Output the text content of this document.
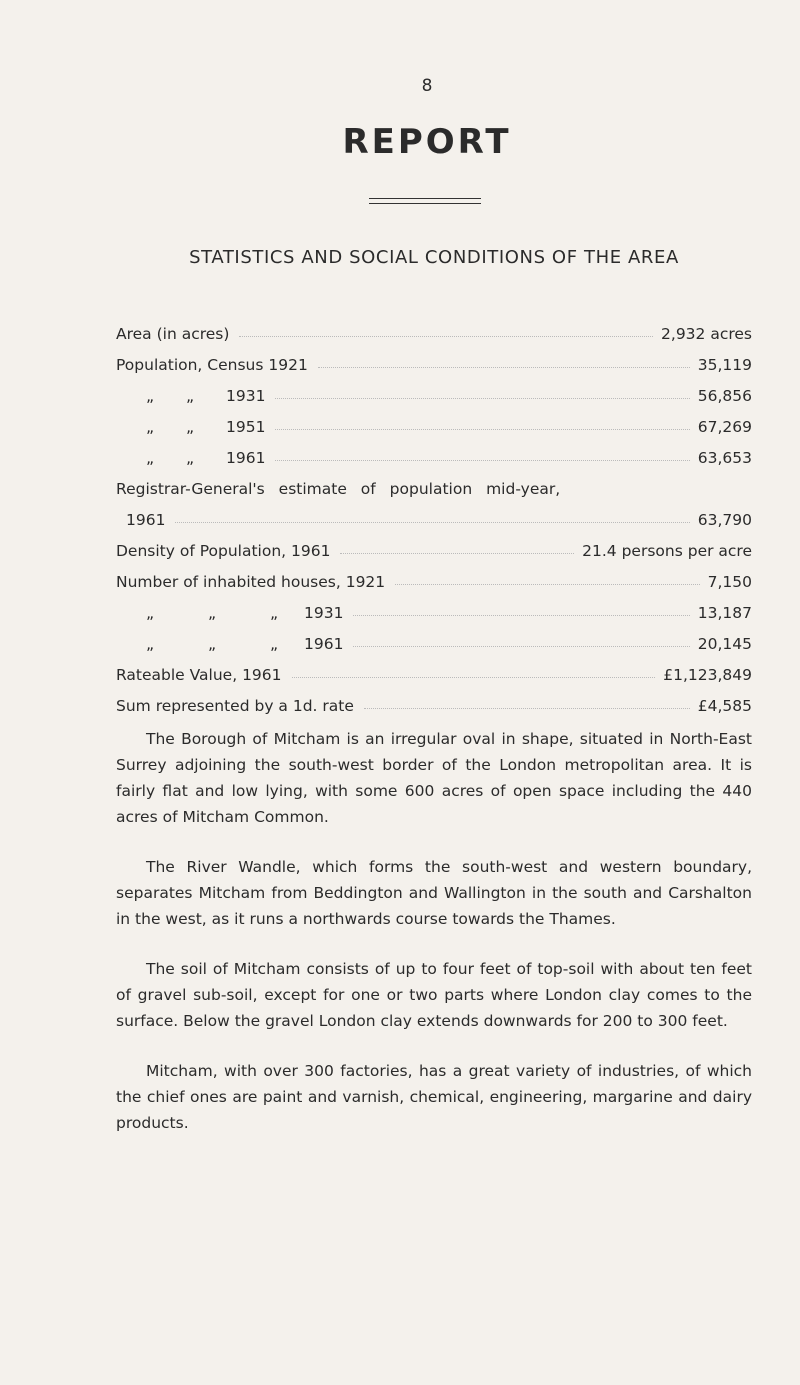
8
REPORT
STATISTICS AND SOCIAL CONDITIONS OF THE AREA
Area (in acres)	2,932 acres
Population, Census 1921	35,119
„ „ 1931	56,856
„ „ 1951	67,269
„ „ 1961	63,653
Registrar-General's estimate of population mid-year,
1961	63,790
Density of Population, 1961	21.4 persons per acre
Number of inhabited houses, 1921	7,150
„	„	„ 1931	13,187
„	„	„ 1961	20,145
Rateable Value, 1961	£1,123,849
Sum represented by a 1d. rate	£4,585

The Borough of Mitcham is an irregular oval in shape, situated in North-East Surrey adjoining the south-west border of the London metropolitan area. It is fairly flat and low lying, with some 600 acres of open space including the 440 acres of Mitcham Common.

The River Wandle, which forms the south-west and western boundary, separates Mitcham from Beddington and Wallington in the south and Carshalton in the west, as it runs a northwards course towards the Thames.

The soil of Mitcham consists of up to four feet of top-soil with about ten feet of gravel sub-soil, except for one or two parts where London clay comes to the surface. Below the gravel London clay extends downwards for 200 to 300 feet.

Mitcham, with over 300 factories, has a great variety of industries, of which the chief ones are paint and varnish, chemical, engineering, margarine and dairy products.
